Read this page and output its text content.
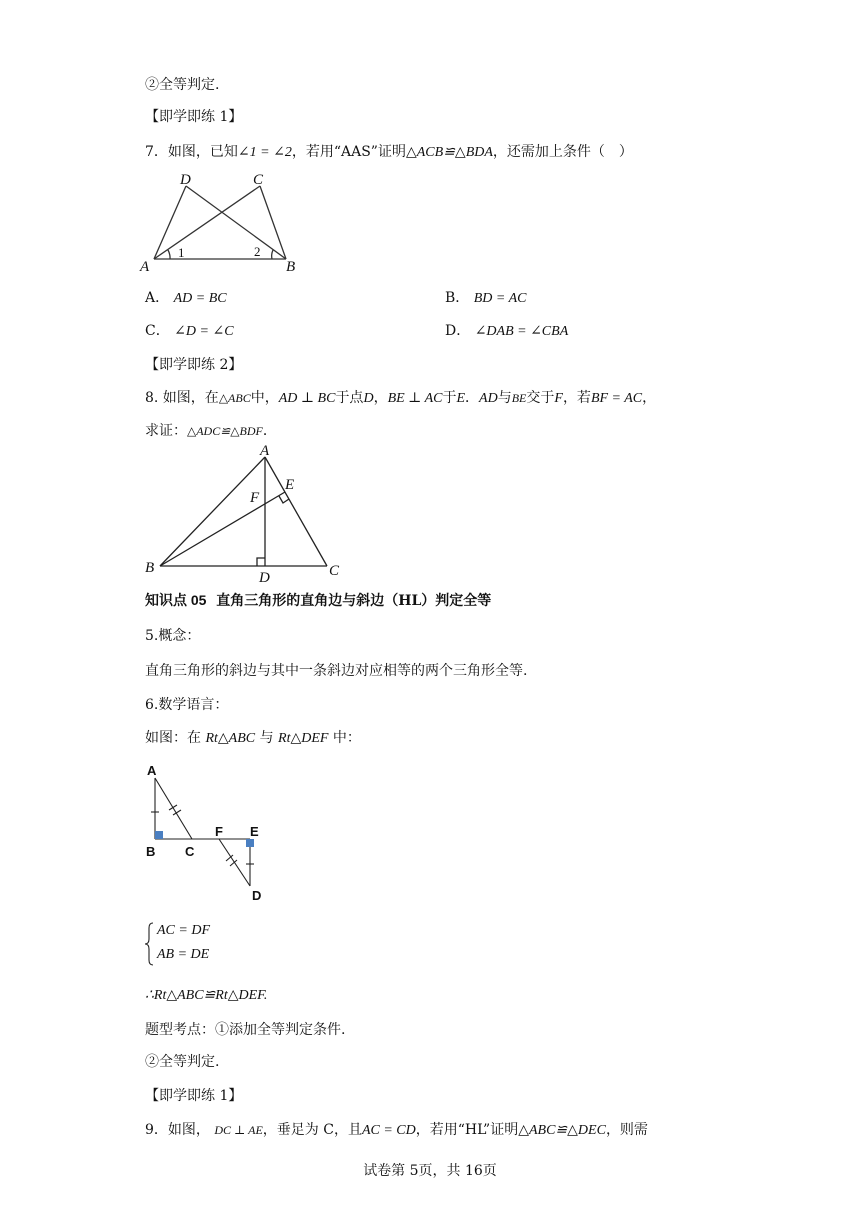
②全等判定.
【即学即练 1】
7．如图，已知∠1 = ∠2，若用“AAS”证明△ACB≌△BDA，还需加上条件（　）
A	B
C
D
1	2
A． AD = BC	B． BD = AC
C． ∠D = ∠C	D． ∠DAB = ∠CBA
【即学即练 2】
8. 如图，在△ABC中，AD ⊥ BC于点D，BE ⊥ AC于E．AD与BE交于F，若BF = AC，
求证：△ADC≌△BDF．
A
B	C
D
E
F
知识点 05 直角三角形的直角边与斜边（HL）判定全等
5.概念：
直角三角形的斜边与其中一条斜边对应相等的两个三角形全等.
6.数学语言：
如图：在 Rt△ABC 与 Rt△DEF 中：
A
B C
F E
D
AC = DF
AB = DE
∴Rt△ABC≌Rt△DEF.
题型考点：①添加全等判定条件.
②全等判定.
【即学即练 1】
9．如图， DC ⊥ AE，垂足为 C，且AC = CD，若用“HL”证明△ABC≌△DEC，则需
试卷第 5页，共 16页
